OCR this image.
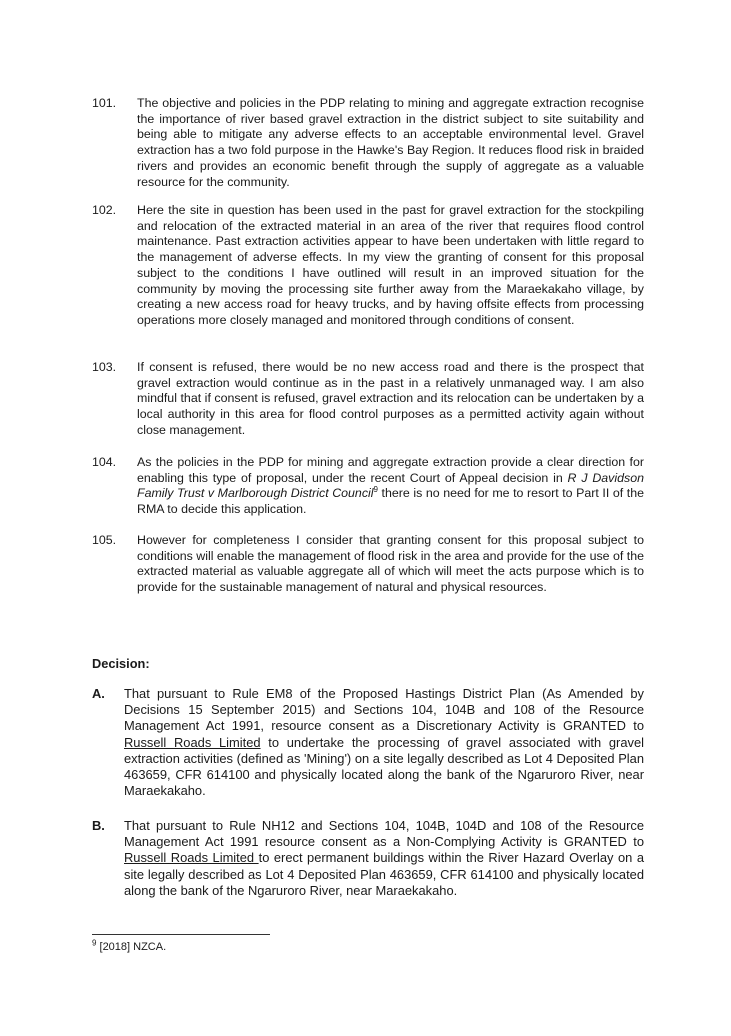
101. The objective and policies in the PDP relating to mining and aggregate extraction recognise the importance of river based gravel extraction in the district subject to site suitability and being able to mitigate any adverse effects to an acceptable environmental level. Gravel extraction has a two fold purpose in the Hawke's Bay Region. It reduces flood risk in braided rivers and provides an economic benefit through the supply of aggregate as a valuable resource for the community.
102. Here the site in question has been used in the past for gravel extraction for the stockpiling and relocation of the extracted material in an area of the river that requires flood control maintenance. Past extraction activities appear to have been undertaken with little regard to the management of adverse effects. In my view the granting of consent for this proposal subject to the conditions I have outlined will result in an improved situation for the community by moving the processing site further away from the Maraekakaho village, by creating a new access road for heavy trucks, and by having offsite effects from processing operations more closely managed and monitored through conditions of consent.
103. If consent is refused, there would be no new access road and there is the prospect that gravel extraction would continue as in the past in a relatively unmanaged way. I am also mindful that if consent is refused, gravel extraction and its relocation can be undertaken by a local authority in this area for flood control purposes as a permitted activity again without close management.
104. As the policies in the PDP for mining and aggregate extraction provide a clear direction for enabling this type of proposal, under the recent Court of Appeal decision in R J Davidson Family Trust v Marlborough District Council$^9$ there is no need for me to resort to Part II of the RMA to decide this application.
105. However for completeness I consider that granting consent for this proposal subject to conditions will enable the management of flood risk in the area and provide for the use of the extracted material as valuable aggregate all of which will meet the acts purpose which is to provide for the sustainable management of natural and physical resources.
Decision:
A. That pursuant to Rule EM8 of the Proposed Hastings District Plan (As Amended by Decisions 15 September 2015) and Sections 104, 104B and 108 of the Resource Management Act 1991, resource consent as a Discretionary Activity is GRANTED to Russell Roads Limited to undertake the processing of gravel associated with gravel extraction activities (defined as 'Mining') on a site legally described as Lot 4 Deposited Plan 463659, CFR 614100 and physically located along the bank of the Ngaruroro River, near Maraekakaho.
B. That pursuant to Rule NH12 and Sections 104, 104B, 104D and 108 of the Resource Management Act 1991 resource consent as a Non-Complying Activity is GRANTED to Russell Roads Limited to erect permanent buildings within the River Hazard Overlay on a site legally described as Lot 4 Deposited Plan 463659, CFR 614100 and physically located along the bank of the Ngaruroro River, near Maraekakaho.
$^9$ [2018] NZCA.
